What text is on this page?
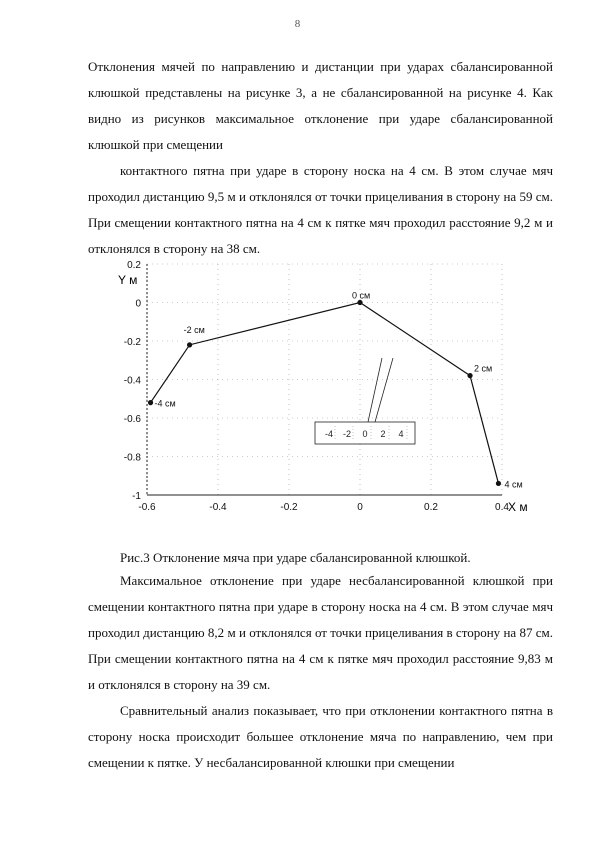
8

Отклонения мячей по направлению и дистанции при ударах сбалансированной клюшкой представлены на рисунке 3, а не сбалансированной на рисунке 4. Как видно из рисунков максимальное отклонение при ударе сбалансированной клюшкой при смещении

контактного пятна при ударе в сторону носка на 4 см. В этом случае мяч проходил дистанцию 9,5 м и отклонялся от точки прицеливания в сторону на 59 см. При смещении контактного пятна на 4 см к пятке мяч проходил расстояние 9,2 м и отклонялся в сторону на 38 см.

-0.6	-0.4	-0.2	0	0.2	0.4
0.2
0
-0.2
-0.4
-0.6
-0.8
-1
-4 -2 0 2 4
-4 см
-2 см
0 см
2 см
4 см
X м
Y м
Рис.3 Отклонение мяча при ударе сбалансированной клюшкой.

Максимальное отклонение при ударе несбалансированной клюшкой при смещении контактного пятна при ударе в сторону носка на 4 см. В этом случае мяч проходил дистанцию 8,2 м и отклонялся от точки прицеливания в сторону на 87 см. При смещении контактного пятна на 4 см к пятке мяч проходил расстояние 9,83 м и отклонялся в сторону на 39 см.

Сравнительный анализ показывает, что при отклонении контактного пятна в сторону носка происходит большее отклонение мяча по направлению, чем при смещении к пятке. У несбалансированной клюшки при смещении
